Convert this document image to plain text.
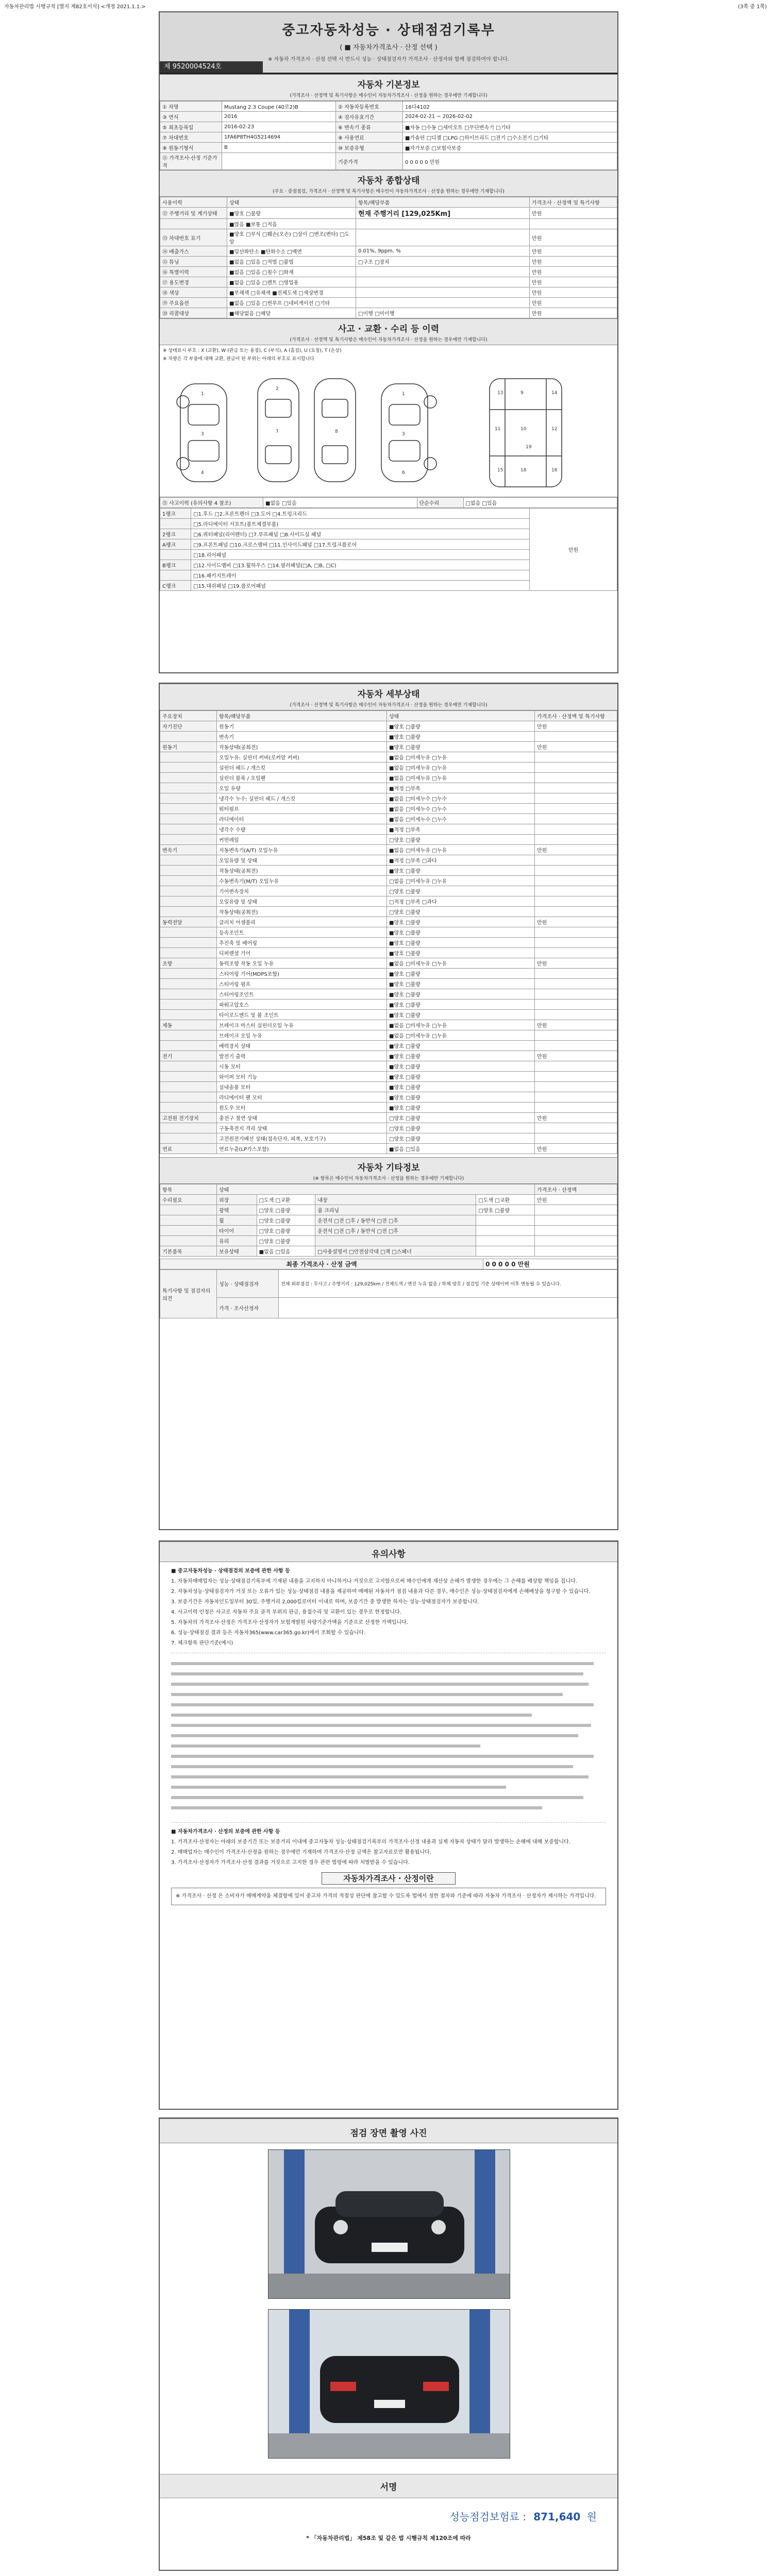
자동차관리법 시행규칙 [별지 제82호서식] <개정 2021.1.1.>	(3쪽 중 1쪽)
중고자동차성능 · 상태점검기록부
( ■ 자동차가격조사 · 산정 선택 )
※ 자동차 가격조사 · 산정 선택 시 반드시 성능 · 상태점검자가 가격조사 · 산정자와 함께 점검하여야 합니다.
제 9520004524호
자동차 기본정보
(가격조사 · 산정액 및 특기사항은 매수인이 자동차가격조사 · 산정을 원하는 경우에만 기재합니다)
① 차명	Mustang 2.3 Coupe (40로2)B	② 자동차등록번호	16다4102
③ 연식	2016	④ 검사유효기간	2024-02-21 ~ 2026-02-02
⑤ 최초등록일	2016-02-23	⑥ 변속기 종류	■자동 □수동 □세미오토 □무단변속기 □기타
⑦ 차대번호	1FA6P8TH4G5214694	⑧ 사용연료	■가솔린 □디젤 □LPG □하이브리드 □전기 □수소전기 □기타
⑨ 원동기형식	B	⑩ 보증유형	■자가보증 □보험사보증
⑪ 가격조사·산정 기준가격		기준가격	0 0 0 0 0 만원
자동차 종합상태
(주요 · 중점점검, 가격조사 · 산정액 및 특기사항은 매수인이 자동차가격조사 · 산정을 원하는 경우에만 기재합니다)
사용이력	상태	항목/해당부품	가격조사 · 산정액 및 특기사항
⑫ 주행거리 및 계기상태	■양호 □불량	현재 주행거리 [129,025Km]	만원
	■많음 ■보통 □적음		
⑬ 차대번호 표기	■양호 □부식 □훼손(오손) □상이 □변조(변타) □도말		만원
⑭ 배출가스	■일산화탄소 ■탄화수소 □매연	0.01%, 9ppm, %	만원
⑮ 튜닝	■없음 □있음 □적법 □불법	□구조 □장치	만원
⑯ 특별이력	■없음 □있음 □침수 □화재		만원
⑰ 용도변경	■없음 □있음 □렌트 □영업용		만원
⑱ 색상	■무채색 □유채색 ■전체도색 □색상변경		만원
⑲ 주요옵션	■없음 □있음 □썬루프 □네비게이션 □기타		만원
⑳ 리콜대상	■해당없음 □해당	□이행 □미이행	만원
사고 · 교환 · 수리 등 이력
(가격조사 · 산정액 및 특기사항은 매수인이 자동차가격조사 · 산정을 원하는 경우에만 기재합니다)
※ 상태표시 부호 : X (교환), W (판금 또는 용접), C (부식), A (흠집), U (요철), T (손상)
※ 차량은 각 부품에 대해 교환, 판금이 된 부위는 아래의 부호로 표시합니다
1
3
4
2
7	8
1
3
6
9
10
18
11	12
13	14
15	16
19
㉑ 사고이력 (유의사항 4 참조)	■없음 □있음	단순수리	□없음 □있음
1랭크	□1.후드 □2.프론트펜더 □3.도어 □4.트렁크리드	만원
	□5.라디에이터 서포트(볼트체결부품)	
2랭크	□6.쿼터패널(리어펜더) □7.루프패널 □8.사이드실 패널	
A랭크	□9.프론트패널 □10.크로스멤버 □11.인사이드패널 □17.트렁크플로어	
	□18.리어패널	
B랭크	□12.사이드멤버 □13.휠하우스 □14.필러패널(□A, □B, □C)	
	□16.패키지트레이	
C랭크	□15.대쉬패널 □19.플로어패널	
자동차 세부상태
(가격조사 · 산정액 및 특기사항은 매수인이 자동차가격조사 · 산정을 원하는 경우에만 기재합니다)
주요장치	항목/해당부품	상태	가격조사 · 산정액 및 특기사항
자기진단	원동기	■양호 □불량	만원
	변속기	■양호 □불량	
원동기	작동상태(공회전)	■양호 □불량	만원
	오일누유: 실린더 커버(로커암 커버)	■없음 □미세누유 □누유	
	실린더 헤드 / 개스킷	■없음 □미세누유 □누유	
	실린더 블록 / 오일팬	■없음 □미세누유 □누유	
	오일 유량	■적정 □부족	
	냉각수 누수: 실린더 헤드 / 개스킷	■없음 □미세누수 □누수	
	워터펌프	■없음 □미세누수 □누수	
	라디에이터	■없음 □미세누수 □누수	
	냉각수 수량	■적정 □부족	
	커먼레일	□양호 □불량	
변속기	자동변속기(A/T) 오일누유	■없음 □미세누유 □누유	만원
	오일유량 및 상태	■적정 □부족 □과다	
	작동상태(공회전)	■양호 □불량	
	수동변속기(M/T) 오일누유	□없음 □미세누유 □누유	
	기어변속장치	□양호 □불량	
	오일유량 및 상태	□적정 □부족 □과다	
	작동상태(공회전)	□양호 □불량	
동력전달	클러치 어셈블리	■양호 □불량	만원
	등속조인트	■양호 □불량	
	추진축 및 베어링	■양호 □불량	
	디퍼렌셜 기어	■양호 □불량	
조향	동력조향 작동 오일 누유	■없음 □미세누유 □누유	만원
	스티어링 기어(MDPS포함)	■양호 □불량	
	스티어링 펌프	■양호 □불량	
	스티어링조인트	■양호 □불량	
	파워고압호스	■양호 □불량	
	타이로드엔드 및 볼 조인트	■양호 □불량	
제동	브레이크 마스터 실린더오일 누유	■없음 □미세누유 □누유	만원
	브레이크 오일 누유	■없음 □미세누유 □누유	
	배력장치 상태	■양호 □불량	
전기	발전기 출력	■양호 □불량	만원
	시동 모터	■양호 □불량	
	와이퍼 모터 기능	■양호 □불량	
	실내송풍 모터	■양호 □불량	
	라디에이터 팬 모터	■양호 □불량	
	윈도우 모터	■양호 □불량	
고전원 전기장치	충전구 절연 상태	□양호 □불량	만원
	구동축전지 격리 상태	□양호 □불량	
	고전원전기배선 상태(접속단자, 피복, 보호기구)	□양호 □불량	
연료	연료누출(LP가스포함)	■없음 □있음	만원
자동차 기타정보
(※ 항목은 매수인이 자동차가격조사 · 산정을 원하는 경우에만 기재합니다)
항목	상태				가격조사 · 산정액
수리필요	외장	□도색 □교환	내장	□도색 □교환	만원
	광택	□양호 □불량	룸 크리닝	□양호 □불량	
	휠	□양호 □불량	운전석 □전 □후 / 동반석 □전 □후		
	타이어	□양호 □불량	운전석 □전 □후 / 동반석 □전 □후		
	유리	□양호 □불량			
기본품목	보유상태	■없음 □있음	□사용설명서 □안전삼각대 □잭 □스패너		
최종 가격조사 · 산정 금액	0 0 0 0 0 만원
특기사항 및 점검자의 의견	성능 · 상태점검자	전체 외부점검 : 무사고 / 주행거리 : 129,025km / 전체도색 / 엔진 누유 없음 / 하체 양호 / 점검일 기준 상태이며 이후 변동될 수 있습니다.
	가격 · 조사산정자	
유의사항

■ 중고자동차성능 · 상태점검의 보증에 관한 사항 등

1. 자동차매매업자는 성능·상태점검기록부에 기재된 내용을 고지하지 아니하거나 거짓으로 고지함으로써 매수인에게 재산상 손해가 발생한 경우에는 그 손해를 배상할 책임을 집니다.

2. 자동차성능·상태점검자가 거짓 또는 오류가 있는 성능·상태점검 내용을 제공하여 매매된 자동차가 점검 내용과 다른 경우, 매수인은 성능·상태점검자에게 손해배상을 청구할 수 있습니다.

3. 보증기간은 자동차인도일부터 30일, 주행거리 2,000킬로미터 이내로 하며, 보증기간 중 발생한 하자는 성능·상태점검자가 보증합니다.

4. 사고이력 인정은 사고로 자동차 주요 골격 부위의 판금, 용접수리 및 교환이 있는 경우로 한정합니다.

5. 자동차의 가격조사·산정은 가격조사·산정자가 보험개발원 차량기준가액을 기준으로 산정한 가액입니다.

6. 성능·상태점검 결과 등은 자동차365(www.car365.go.kr)에서 조회할 수 있습니다.

7. 체크항목 판단기준(예시)

■ 자동차가격조사 · 산정의 보증에 관한 사항 등

1. 가격조사·산정자는 아래의 보증기간 또는 보증거리 이내에 중고자동차 성능·상태점검기록부의 가격조사·산정 내용과 실제 자동차 상태가 달라 발생하는 손해에 대해 보증합니다.

2. 매매업자는 매수인이 가격조사·산정을 원하는 경우에만 기재하며 가격조사·산정 금액은 참고자료로만 활용됩니다.

3. 가격조사·산정자가 가격조사·산정 결과를 거짓으로 고지한 경우 관련 법령에 따라 처벌받을 수 있습니다.

자동차가격조사 · 산정이란

※ 가격조사 · 산정 은 소비자가 매매계약을 체결함에 있어 중고차 가격의 적절성 판단에 참고할 수 있도록 법에서 정한 절차와 기준에 따라 자동차 가격조사 · 산정자가 제시하는 가격입니다.

점검 장면 촬영 사진
서명
성능점검보험료 : 871,640 원
* 「자동차관리법」 제58조 및 같은 법 시행규칙 제120조에 따라
